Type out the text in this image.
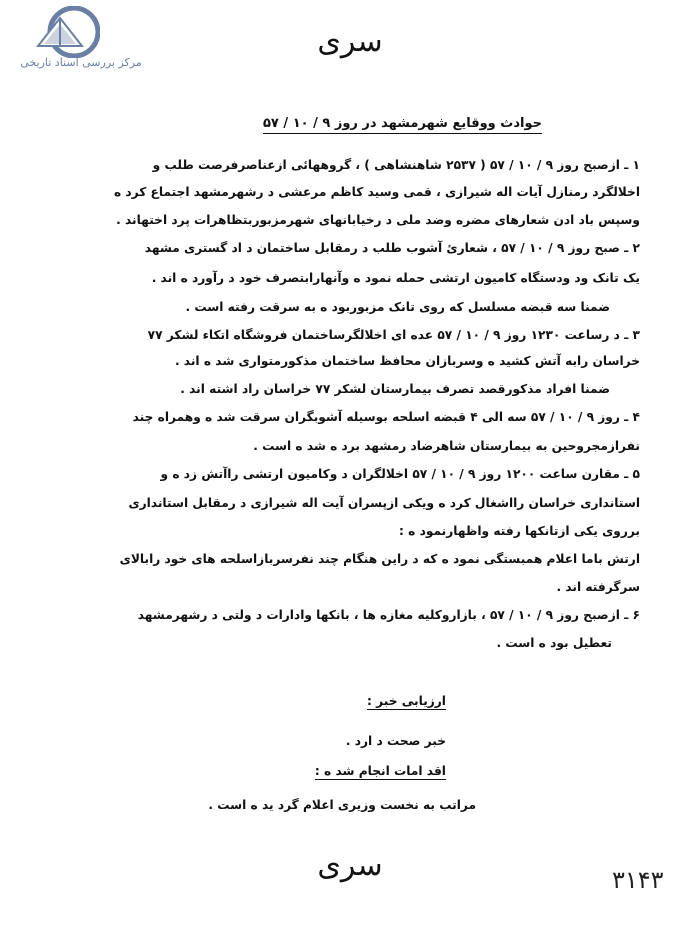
مرکز بررسی اسناد تاریخی
سری
حوادث ووقایع شهرمشهد در روز ۹ / ۱۰ / ۵۷
۱ ـ ازصبح روز ۹ / ۱۰ / ۵۷ ( ۲۵۳۷ شاهنشاهی ) ، گروههائی ازعناصرفرصت طلب و
اخلالگرد رمنازل آیات اله شیرازی ، قمی وسید کاظم مرعشی د رشهرمشهد اجتماع کرد ه
وسپس باد ادن شعارهای مضره وضد ملی د رخیابانهای شهرمزبوربتظاهرات پرد اختهاند .
۲ ـ صبح روز ۹ / ۱۰ / ۵۷ ، شعارئ آشوب طلب د رمقابل ساختمان د اد گستری مشهد
یک تانک ود ودستگاه کامیون ارتشی حمله نمود ه وآنهارابتصرف خود د رآورد ه اند .
ضمنا سه قبضه مسلسل که روی تانک مزبوربود ه به سرقت رفته است .
۳ ـ د رساعت ۱۲۳۰ روز ۹ / ۱۰ / ۵۷ عده ای اخلالگرساختمان فروشگاه اتکاء لشکر ۷۷
خراسان رابه آتش کشید ه وسربازان محافظ ساختمان مذکورمتواری شد ه اند .
ضمنا افراد مذکورقصد تصرف بیمارستان لشکر ۷۷ خراسان راد اشته اند .
۴ ـ روز ۹ / ۱۰ / ۵۷ سه الی ۴ قبضه اسلحه بوسیله آشوبگران سرقت شد ه وهمراه چند
نفرازمجروحین به بیمارستان شاهرضاد رمشهد برد ه شد ه است .
۵ ـ مقارن ساعت ۱۲۰۰ روز ۹ / ۱۰ / ۵۷ اخلالگران د وکامیون ارتشی راآتش زد ه و
استانداری خراسان رااشغال کرد ه ویکی ازپسران آیت اله شیرازی د رمقابل استانداری
برروی یکی ازتانکها رفته واظهارنمود ه :
ارتش باما اعلام همبستگی نمود ه که د راین هنگام چند نفرسربازاسلحه های خود رابالای
سرگرفته اند .
۶ ـ ازصبح روز ۹ / ۱۰ / ۵۷ ، بازاروکلیه مغازه ها ، بانکها وادارات د ولتی د رشهرمشهد
تعطیل بود ه است .
ارزیابی خبر :
خبر صحت د ارد .
اقد امات انجام شد ه :
مراتب به نخست وزیری اعلام گرد ید ه است .
سری	۳۱۴۳
